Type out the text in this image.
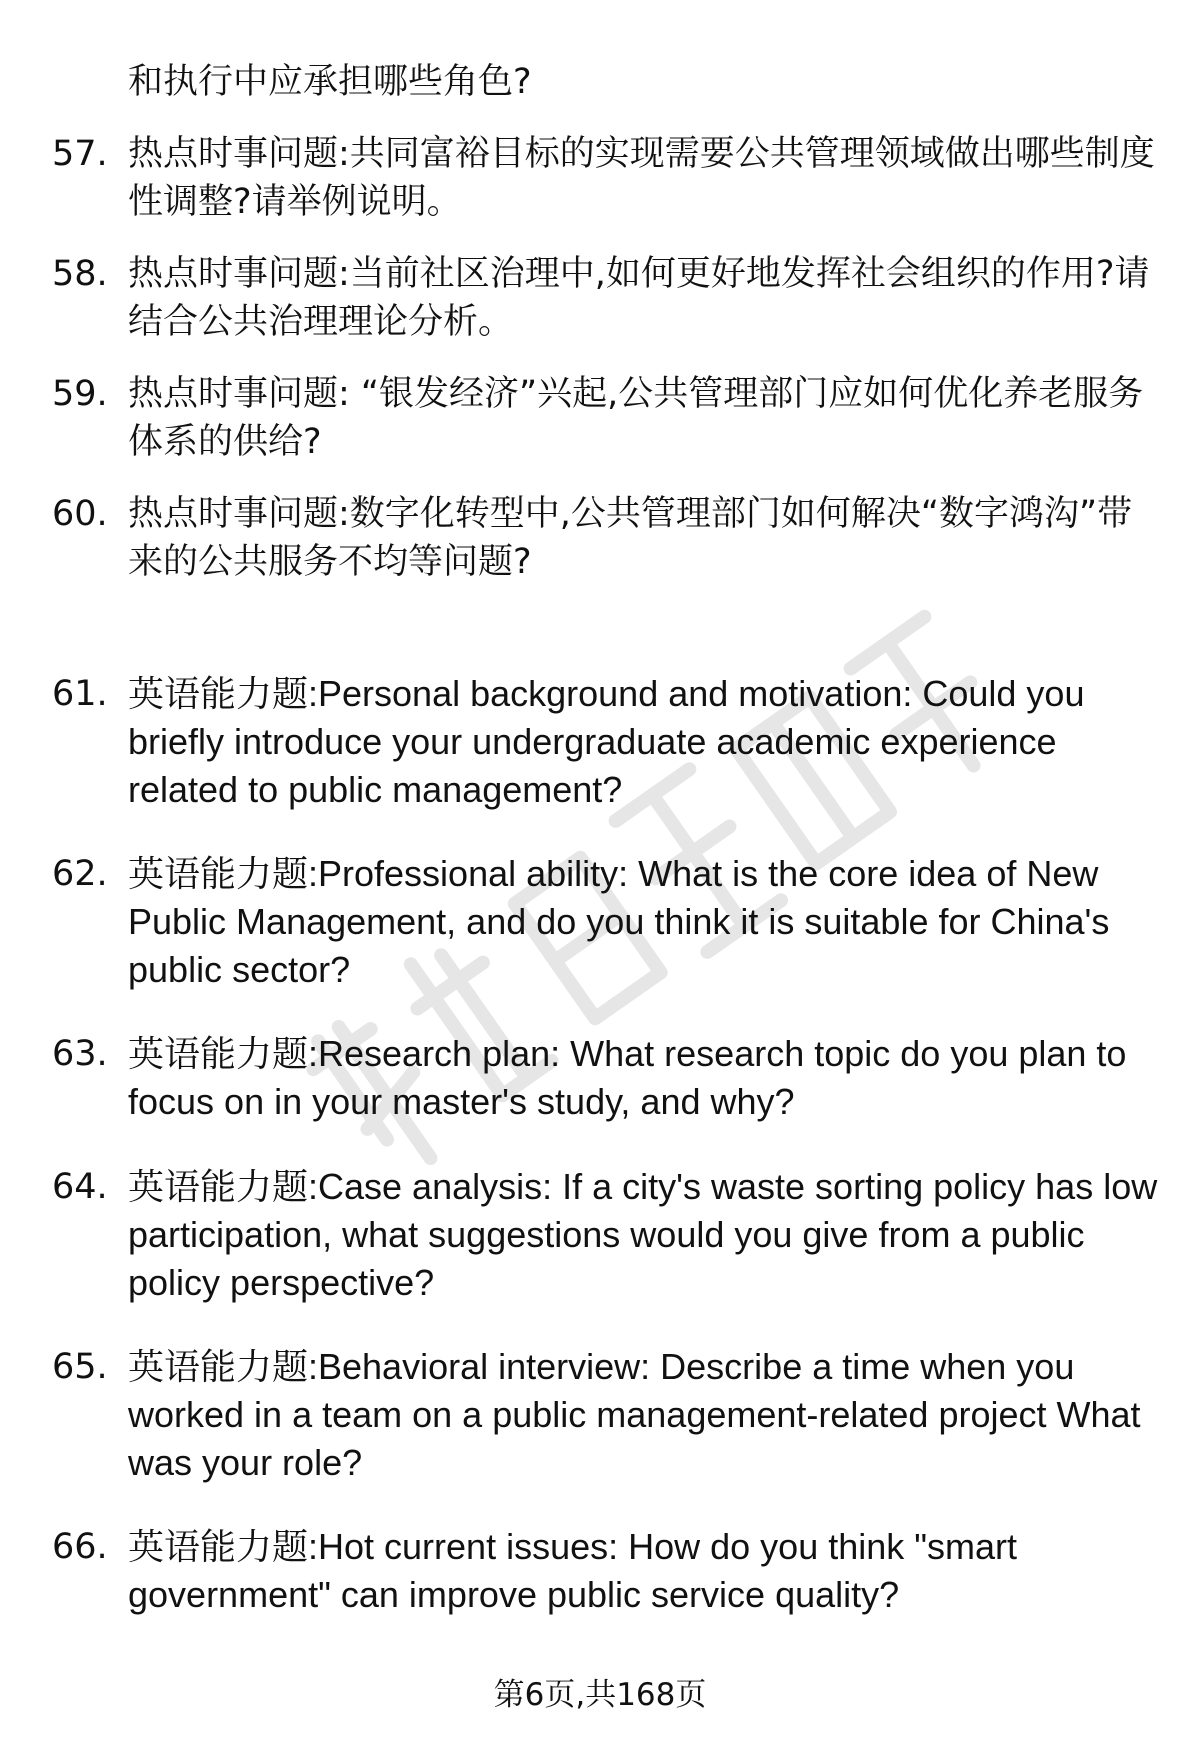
和执行中应承担哪些角色?
57. 热点时事问题:共同富裕目标的实现需要公共管理领域做出哪些制度性调整?请举例说明。
58. 热点时事问题:当前社区治理中,如何更好地发挥社会组织的作用?请结合公共治理理论分析。
59. 热点时事问题: “银发经济”兴起,公共管理部门应如何优化养老服务体系的供给?
60. 热点时事问题:数字化转型中,公共管理部门如何解决“数字鸿沟”带来的公共服务不均等问题?
61. 英语能力题:Personal background and motivation: Could you briefly introduce your undergraduate academic experience related to public management?
62. 英语能力题:Professional ability: What is the core idea of New Public Management, and do you think it is suitable for China's public sector?
63. 英语能力题:Research plan: What research topic do you plan to focus on in your master's study, and why?
64. 英语能力题:Case analysis: If a city's waste sorting policy has low participation, what suggestions would you give from a public policy perspective?
65. 英语能力题:Behavioral interview: Describe a time when you worked in a team on a public management-related project What was your role?
66. 英语能力题:Hot current issues: How do you think "smart government" can improve public service quality?
第6页,共168页
